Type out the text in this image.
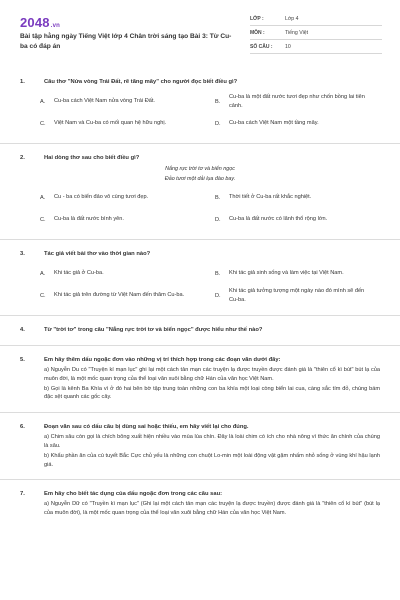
2048.vn
Bài tập hằng ngày Tiếng Việt lớp 4 Chân trời sáng tạo Bài 3: Từ Cu-ba có đáp án
LỚP :	Lớp 4
MÔN :	Tiếng Việt
SỐ CÂU :	10
1.	Câu thơ "Nửa vòng Trái Đất, rẽ tăng mây" cho người đọc biết điều gì?
A.	Cu-ba cách Việt Nam nửa vòng Trái Đất.	B.
Cu-ba là một đất nước tươi đẹp như chốn bồng lai tiên cảnh.
C.	Việt Nam và Cu-ba có mối quan hệ hữu nghị.	D.	Cu-ba cách Việt Nam một tầng mây.
2.	Hai dòng thơ sau cho biết điều gì?
Nắng rực trời tơ và biển ngọc
Đảo tươi một dải lụa đào bay.
A.	Cu - ba có biển đảo vô cùng tươi đẹp.	B.	Thời tiết ở Cu-ba rất khắc nghiệt.
C.	Cu-ba là đất nước bình yên.	D.	Cu-ba là đất nước có lãnh thổ rộng lớn.
3.	Tác giả viết bài thơ vào thời gian nào?
A.	Khi tác giả ở Cu-ba.	B.	Khi tác giả sinh sống và làm việc tại Việt Nam.
C.	Khi tác giả trên đường từ Việt Nam đến thăm Cu-ba.	D.
Khi tác giả tưởng tượng một ngày nào đó mình sẽ đến Cu-ba.
4.	Từ "trời tơ" trong câu "Nắng rực trời tơ và biển ngọc" được hiểu như thế nào?
5.	Em hãy thêm dấu ngoặc đơn vào những vị trí thích hợp trong các đoạn văn dưới đây:
a) Nguyễn Du có "Truyện kí mạn lục" ghi lại một cách tản mạn các truyện lạ được truyền được đánh giá là "thiên cổ kì bút" bút lạ của muôn đời, là một mốc quan trọng của thể loại văn xuôi bằng chữ Hán của văn học Việt Nam.
b) Gọi là kênh Ba Khía vì ở đó hai bên bờ tập trung toàn những con ba khía một loại còng biển lai cua, càng sắc tím đỏ, chúng bám đặc sệt quanh các gốc cây.
6.	Đoạn văn sau có dấu câu bị dùng sai hoặc thiếu, em hãy viết lại cho đúng.
a) Chim sâu còn gọi là chích bông xuất hiện nhiều vào mùa lúa chín. Đây là loài chim có ích cho nhà nông vì thức ăn chính của chúng là sâu.
b) Khẩu phần ăn của cú tuyết Bắc Cực chủ yếu là những con chuột Lo-min một loài động vật gặm nhấm nhỏ sống ở vùng khí hậu lạnh giá.
7.	Em hãy cho biết tác dụng của dấu ngoặc đơn trong các câu sau:
a) Nguyễn Dữ có "Truyền kì mạn lục" (Ghi lại một cách tản mạn các truyện lạ được truyền) được đánh giá là "thiên cổ kì bút" (bút lạ của muôn đời), là một mốc quan trọng của thể loại văn xuôi bằng chữ Hán của văn học Việt Nam.
